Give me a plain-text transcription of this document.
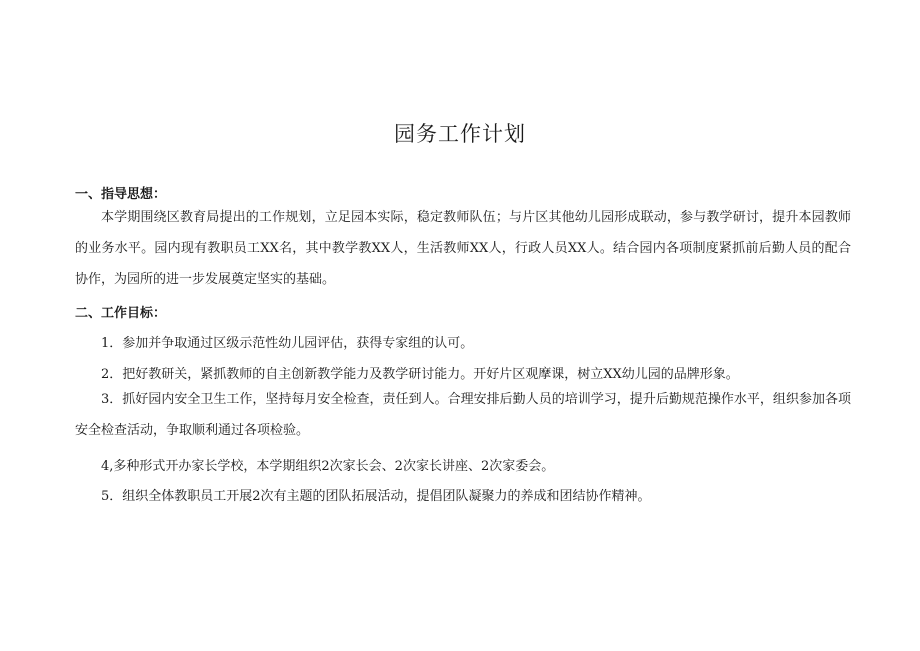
园务工作计划
一、指导思想：

本学期围绕区教育局提出的工作规划，立足园本实际，稳定教师队伍；与片区其他幼儿园形成联动，参与教学研讨，提升本园教师的业务水平。园内现有教职员工XX名，其中教学教XX人，生活教师XX人，行政人员XX人。结合园内各项制度紧抓前后勤人员的配合协作，为园所的进一步发展奠定坚实的基础。

二、工作目标：
1．参加并争取通过区级示范性幼儿园评估，获得专家组的认可。
2．把好教研关，紧抓教师的自主创新教学能力及教学研讨能力。开好片区观摩课，树立XX幼儿园的品牌形象。

3．抓好园内安全卫生工作，坚持每月安全检查，责任到人。合理安排后勤人员的培训学习，提升后勤规范操作水平，组织参加各项安全检查活动，争取顺利通过各项检验。

4,多种形式开办家长学校，本学期组织2次家长会、2次家长讲座、2次家委会。
5．组织全体教职员工开展2次有主题的团队拓展活动，提倡团队凝聚力的养成和团结协作精神。
